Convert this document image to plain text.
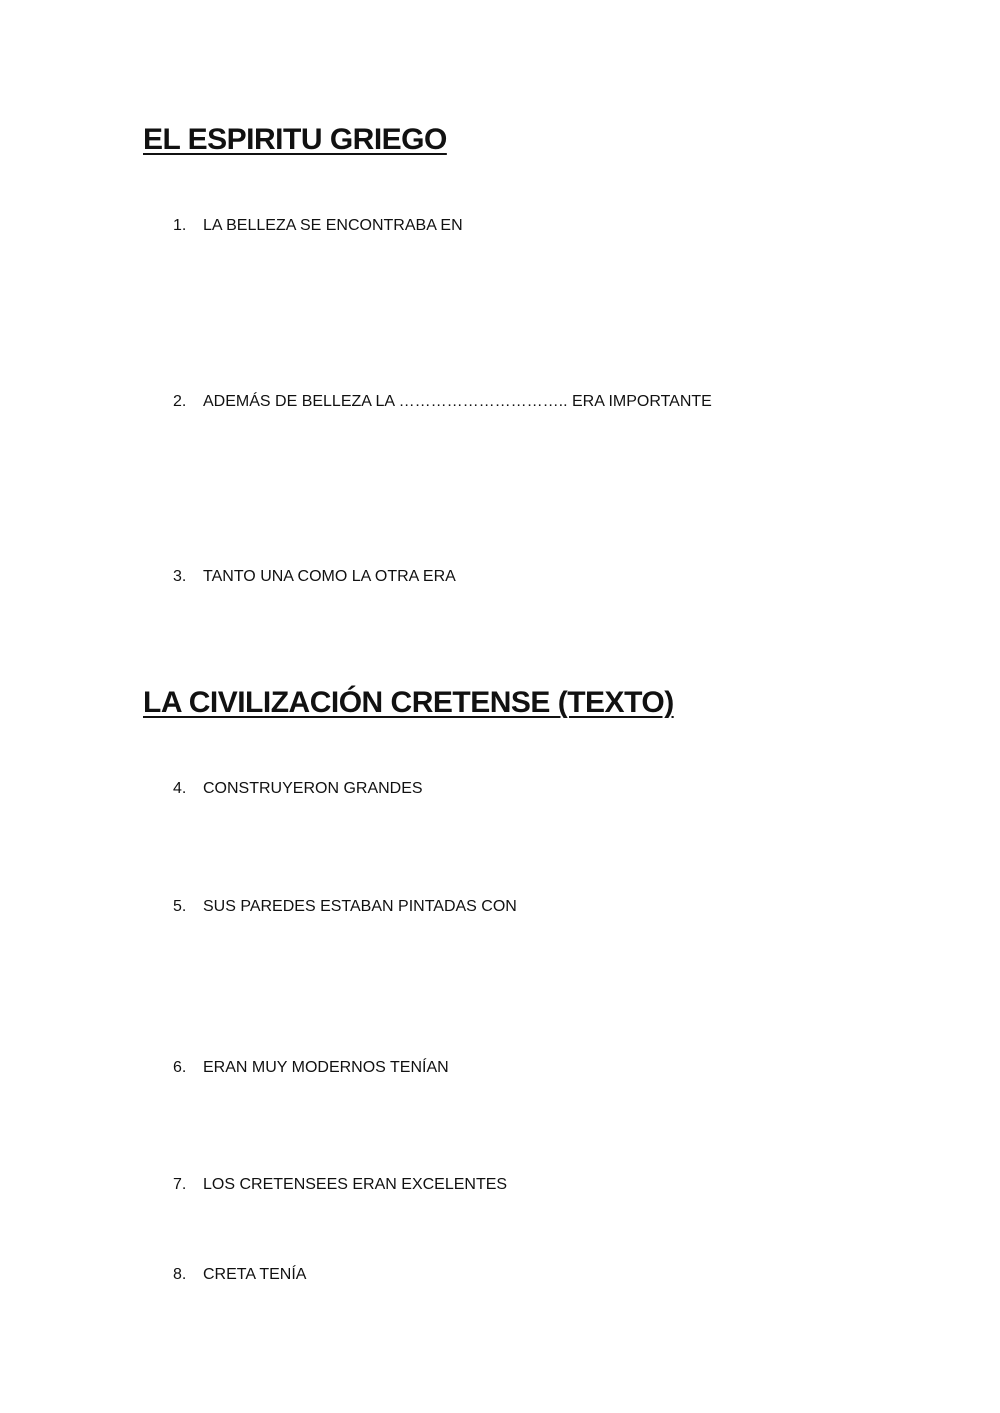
EL ESPIRITU GRIEGO
1. LA BELLEZA SE ENCONTRABA EN
2. ADEMÁS DE BELLEZA LA ………………………….. ERA IMPORTANTE
3. TANTO UNA COMO LA OTRA ERA
LA CIVILIZACIÓN CRETENSE (TEXTO)
4. CONSTRUYERON GRANDES
5. SUS PAREDES ESTABAN PINTADAS CON
6. ERAN MUY MODERNOS TENÍAN
7. LOS CRETENSEES ERAN EXCELENTES
8. CRETA TENÍA
